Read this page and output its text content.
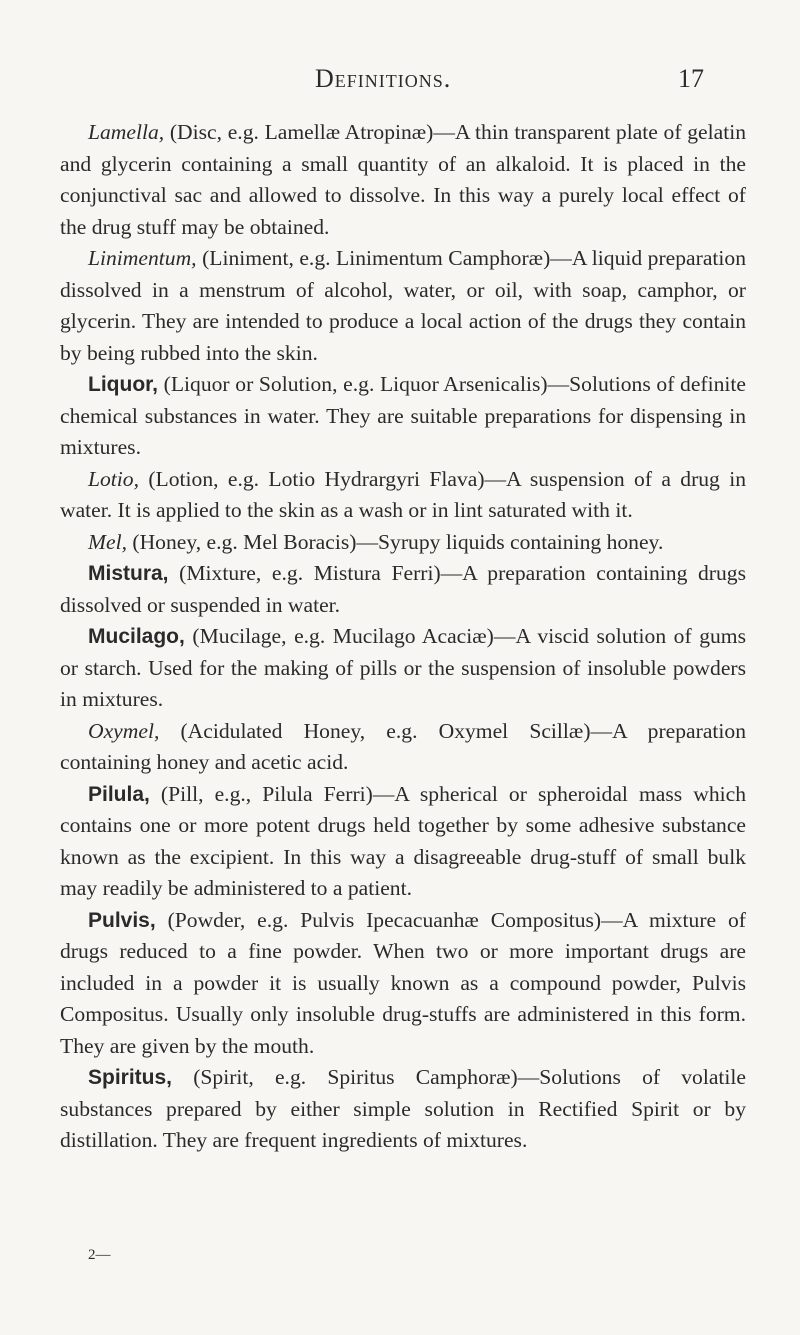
Definitions.	17

Lamella, (Disc, e.g. Lamellæ Atropinæ)—A thin transparent plate of gelatin and glycerin containing a small quantity of an alkaloid. It is placed in the conjunctival sac and allowed to dissolve. In this way a purely local effect of the drug stuff may be obtained.

Linimentum, (Liniment, e.g. Linimentum Camphoræ)—A liquid preparation dissolved in a menstrum of alcohol, water, or oil, with soap, camphor, or glycerin. They are intended to produce a local action of the drugs they contain by being rubbed into the skin.

Liquor, (Liquor or Solution, e.g. Liquor Arsenicalis)—Solutions of definite chemical substances in water. They are suitable preparations for dispensing in mixtures.

Lotio, (Lotion, e.g. Lotio Hydrargyri Flava)—A suspension of a drug in water. It is applied to the skin as a wash or in lint saturated with it.

Mel, (Honey, e.g. Mel Boracis)—Syrupy liquids containing honey.

Mistura, (Mixture, e.g. Mistura Ferri)—A preparation containing drugs dissolved or suspended in water.

Mucilago, (Mucilage, e.g. Mucilago Acaciæ)—A viscid solution of gums or starch. Used for the making of pills or the suspension of insoluble powders in mixtures.

Oxymel, (Acidulated Honey, e.g. Oxymel Scillæ)—A preparation containing honey and acetic acid.

Pilula, (Pill, e.g., Pilula Ferri)—A spherical or spheroidal mass which contains one or more potent drugs held together by some adhesive substance known as the excipient. In this way a disagreeable drug-stuff of small bulk may readily be administered to a patient.

Pulvis, (Powder, e.g. Pulvis Ipecacuanhæ Compositus)—A mixture of drugs reduced to a fine powder. When two or more important drugs are included in a powder it is usually known as a compound powder, Pulvis Compositus. Usually only insoluble drug-stuffs are administered in this form. They are given by the mouth.

Spiritus, (Spirit, e.g. Spiritus Camphoræ)—Solutions of volatile substances prepared by either simple solution in Rectified Spirit or by distillation. They are frequent ingredients of mixtures.

2—
